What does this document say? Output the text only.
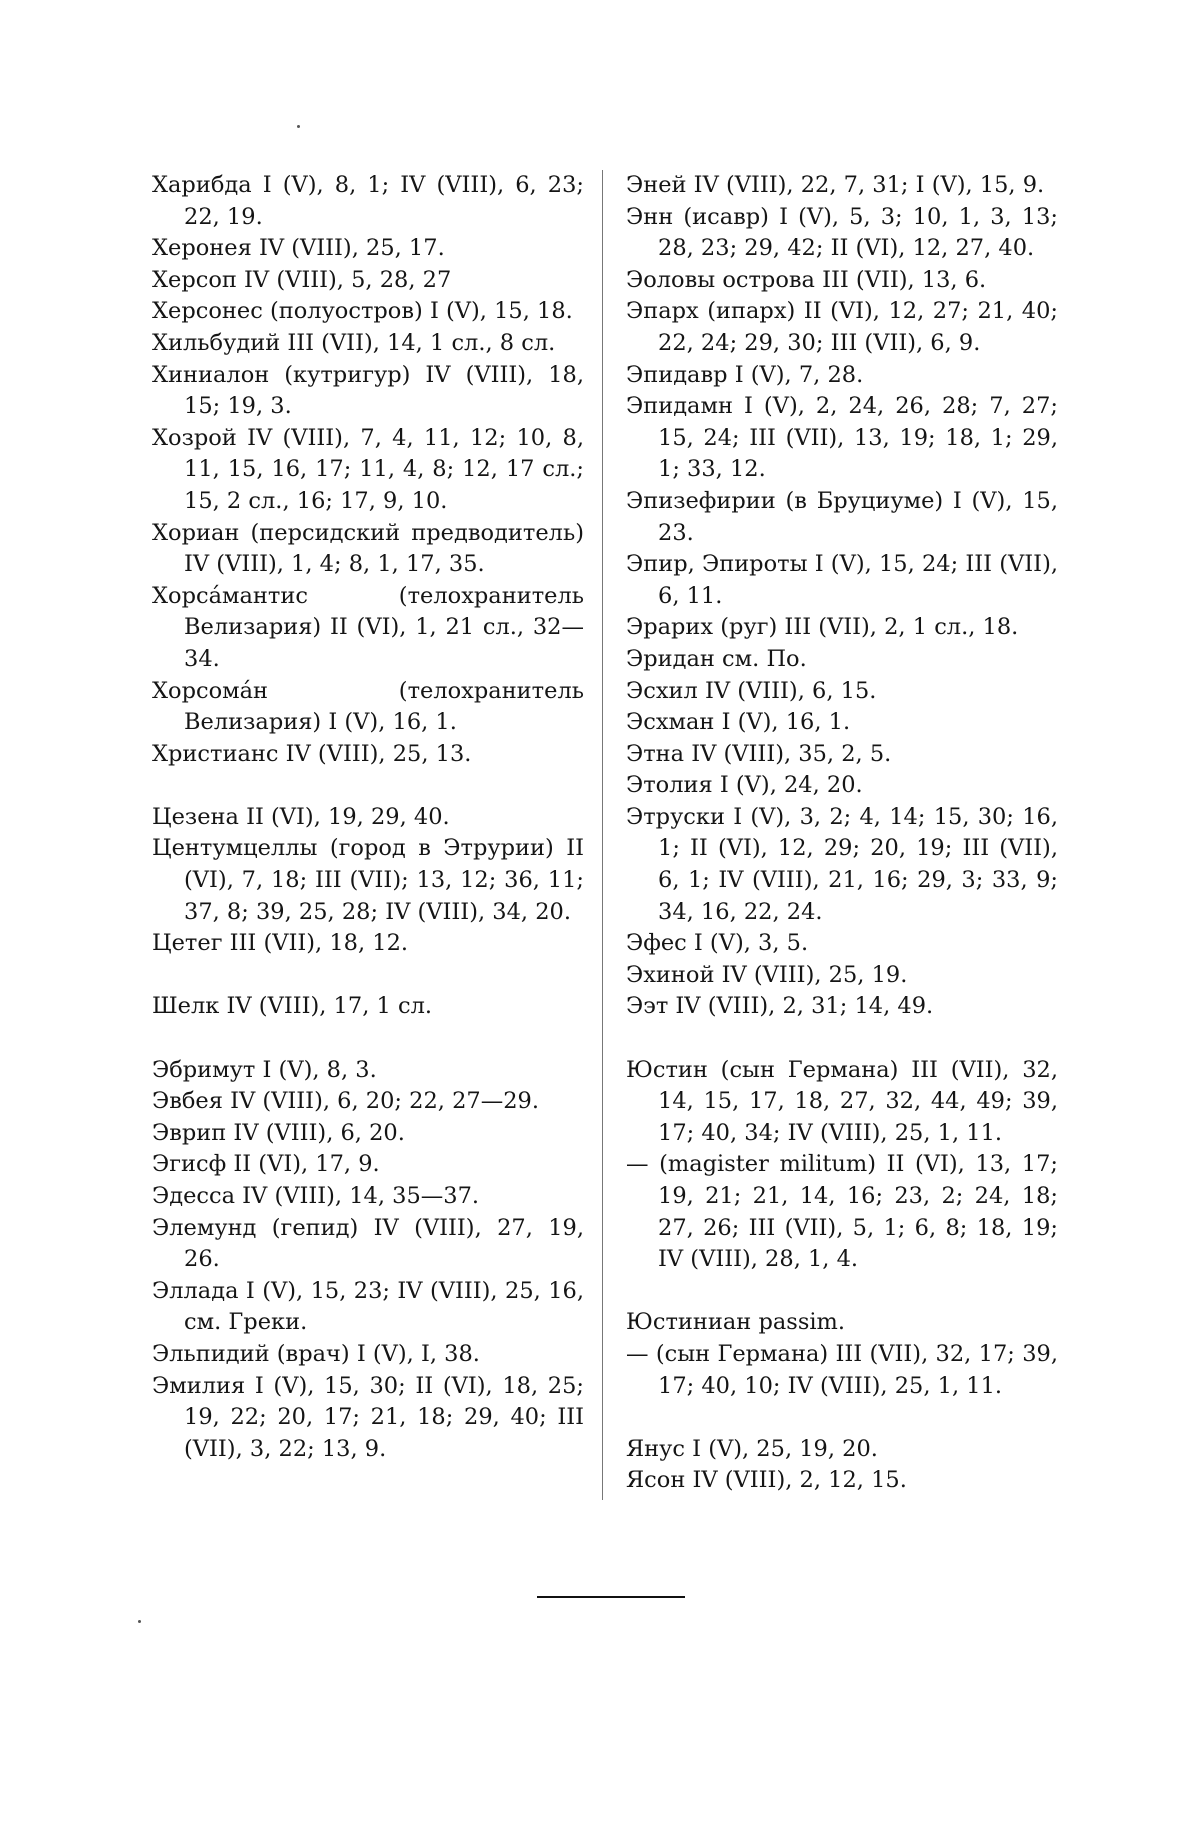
Харибда I (V), 8, 1; IV (VIII), 6, 23; 22, 19.
Херонея IV (VIII), 25, 17.
Херсоп IV (VIII), 5, 28, 27
Херсонес (полуостров) I (V), 15, 18.
Хильбудий III (VII), 14, 1 сл., 8 сл.
Хиниалон (кутригур) IV (VIII), 18, 15; 19, 3.
Хозрой IV (VIII), 7, 4, 11, 12; 10, 8, 11, 15, 16, 17; 11, 4, 8; 12, 17 сл.; 15, 2 сл., 16; 17, 9, 10.
Хориан (персидский предводитель) IV (VIII), 1, 4; 8, 1, 17, 35.
Хорса́мантис (телохранитель Велизария) II (VI), 1, 21 сл., 32—34.
Хорсома́н (телохранитель Велизария) I (V), 16, 1.
Христианс IV (VIII), 25, 13.
Цезена II (VI), 19, 29, 40.
Центумцеллы (город в Этрурии) II (VI), 7, 18; III (VII); 13, 12; 36, 11; 37, 8; 39, 25, 28; IV (VIII), 34, 20.
Цетег III (VII), 18, 12.
Шелк IV (VIII), 17, 1 сл.
Эбримут I (V), 8, 3.
Эвбея IV (VIII), 6, 20; 22, 27—29.
Эврип IV (VIII), 6, 20.
Эгисф II (VI), 17, 9.
Эдесса IV (VIII), 14, 35—37.
Элемунд (гепид) IV (VIII), 27, 19, 26.
Эллада I (V), 15, 23; IV (VIII), 25, 16, см. Греки.
Эльпидий (врач) I (V), I, 38.
Эмилия I (V), 15, 30; II (VI), 18, 25; 19, 22; 20, 17; 21, 18; 29, 40; III (VII), 3, 22; 13, 9.
Эней IV (VIII), 22, 7, 31; I (V), 15, 9.
Энн (исавр) I (V), 5, 3; 10, 1, 3, 13; 28, 23; 29, 42; II (VI), 12, 27, 40.
Эоловы острова III (VII), 13, 6.
Эпарх (ипарх) II (VI), 12, 27; 21, 40; 22, 24; 29, 30; III (VII), 6, 9.
Эпидавр I (V), 7, 28.
Эпидамн I (V), 2, 24, 26, 28; 7, 27; 15, 24; III (VII), 13, 19; 18, 1; 29, 1; 33, 12.
Эпизефирии (в Бруциуме) I (V), 15, 23.
Эпир, Эпироты I (V), 15, 24; III (VII), 6, 11.
Эрарих (руг) III (VII), 2, 1 сл., 18.
Эридан см. По.
Эсхил IV (VIII), 6, 15.
Эсхман I (V), 16, 1.
Этна IV (VIII), 35, 2, 5.
Этолия I (V), 24, 20.
Этруски I (V), 3, 2; 4, 14; 15, 30; 16, 1; II (VI), 12, 29; 20, 19; III (VII), 6, 1; IV (VIII), 21, 16; 29, 3; 33, 9; 34, 16, 22, 24.
Эфес I (V), 3, 5.
Эхиной IV (VIII), 25, 19.
Ээт IV (VIII), 2, 31; 14, 49.
Юстин (сын Германа) III (VII), 32, 14, 15, 17, 18, 27, 32, 44, 49; 39, 17; 40, 34; IV (VIII), 25, 1, 11.
— (magister militum) II (VI), 13, 17; 19, 21; 21, 14, 16; 23, 2; 24, 18; 27, 26; III (VII), 5, 1; 6, 8; 18, 19; IV (VIII), 28, 1, 4.
Юстиниан passim.
— (сын Германа) III (VII), 32, 17; 39, 17; 40, 10; IV (VIII), 25, 1, 11.
Янус I (V), 25, 19, 20.
Ясон IV (VIII), 2, 12, 15.
